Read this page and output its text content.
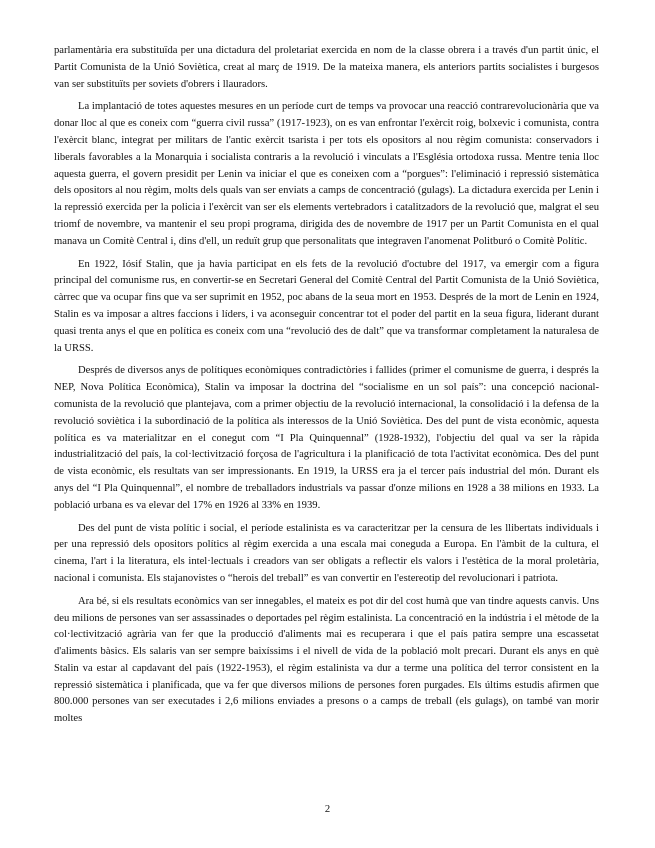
parlamentària era substituïda per una dictadura del proletariat exercida en nom de la classe obrera i a través d'un partit únic, el Partit Comunista de la Unió Soviètica, creat al març de 1919. De la mateixa manera, els anteriors partits socialistes i burgesos van ser substituïts per soviets d'obrers i llauradors.

La implantació de totes aquestes mesures en un període curt de temps va provocar una reacció contrarevolucionària que va donar lloc al que es coneix com “guerra civil russa” (1917-1923), on es van enfrontar l'exèrcit roig, bolxevic i comunista, contra l'exèrcit blanc, integrat per militars de l'antic exèrcit tsarista i per tots els opositors al nou règim comunista: conservadors i liberals favorables a la Monarquia i socialista contraris a la revolució i vinculats a l'Església ortodoxa russa. Mentre tenia lloc aquesta guerra, el govern presidit per Lenin va iniciar el que es coneixen com a “porgues”: l'eliminació i repressió sistemàtica dels opositors al nou règim, molts dels quals van ser enviats a camps de concentració (gulags). La dictadura exercida per Lenin i la repressió exercida per la policia i l'exèrcit van ser els elements vertebradors i catalitzadors de la revolució que, malgrat el seu triomf de novembre, va mantenir el seu propi programa, dirigida des de novembre de 1917 per un Partit Comunista en el qual manava un Comitè Central i, dins d'ell, un reduït grup que personalitats que integraven l'anomenat Politburó o Comitè Polític.

En 1922, Iósif Stalin, que ja havia participat en els fets de la revolució d'octubre del 1917, va emergir com a figura principal del comunisme rus, en convertir-se en Secretari General del Comitè Central del Partit Comunista de la Unió Soviètica, càrrec que va ocupar fins que va ser suprimit en 1952, poc abans de la seua mort en 1953. Després de la mort de Lenin en 1924, Stalin es va imposar a altres faccions i líders, i va aconseguir concentrar tot el poder del partit en la seua figura, liderant durant quasi trenta anys el que en política es coneix com una “revolució des de dalt” que va transformar completament la naturalesa de la URSS.

Després de diversos anys de polítiques econòmiques contradictòries i fallides (primer el comunisme de guerra, i després la NEP, Nova Política Econòmica), Stalin va imposar la doctrina del “socialisme en un sol país”: una concepció nacional-comunista de la revolució que plantejava, com a primer objectiu de la revolució internacional, la consolidació i la defensa de la revolució soviètica i la subordinació de la política als interessos de la Unió Soviètica. Des del punt de vista econòmic, aquesta política es va materialitzar en el conegut com “I Pla Quinquennal” (1928-1932), l'objectiu del qual va ser la ràpida industrialització del país, la col·lectivització forçosa de l'agricultura i la planificació de tota l'activitat econòmica. Des del punt de vista econòmic, els resultats van ser impressionants. En 1919, la URSS era ja el tercer país industrial del món. Durant els anys del “I Pla Quinquennal”, el nombre de treballadors industrials va passar d'onze milions en 1928 a 38 milions en 1933. La població urbana es va elevar del 17% en 1926 al 33% en 1939.

Des del punt de vista polític i social, el període estalinista es va caracteritzar per la censura de les llibertats individuals i per una repressió dels opositors polítics al règim exercida a una escala mai coneguda a Europa. En l'àmbit de la cultura, el cinema, l'art i la literatura, els intel·lectuals i creadors van ser obligats a reflectir els valors i l'estètica de la moral proletària, nacional i comunista. Els stajanovistes o “herois del treball” es van convertir en l'estereotip del revolucionari i patriota.

Ara bé, si els resultats econòmics van ser innegables, el mateix es pot dir del cost humà que van tindre aquests canvis. Uns deu milions de persones van ser assassinades o deportades pel règim estalinista. La concentració en la indústria i el mètode de la col·lectivització agrària van fer que la producció d'aliments mai es recuperara i que el país patira sempre una escassetat d'aliments bàsics. Els salaris van ser sempre baixíssims i el nivell de vida de la població molt precari. Durant els anys en què Stalin va estar al capdavant del país (1922-1953), el règim estalinista va dur a terme una política del terror consistent en la repressió sistemàtica i planificada, que va fer que diversos milions de persones foren purgades. Els últims estudis afirmen que 800.000 persones van ser executades i 2,6 milions enviades a presons o a camps de treball (els gulags), on també van morir moltes

2
